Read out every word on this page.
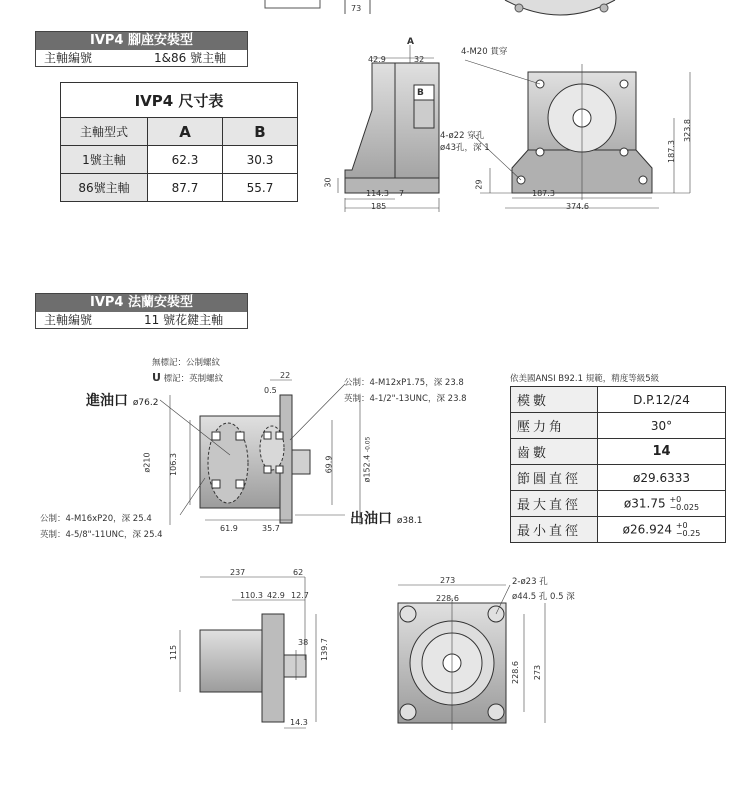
IVP4 腳座安裝型
主軸編號	1&86 號主軸
IVP4 尺寸表		
主軸型式	A	B
1號主軸	62.3	30.3
86號主軸	87.7	55.7
73
A
B
42.9	32
30
114.3 7
185
4-M20 貫穿
4-ø22 穿孔
ø43孔，深 1
29
187.3
323.8
187.3
374.6
IVP4 法蘭安裝型
主軸編號	11 號花鍵主軸
無標記：公制螺紋
U 標記：英制螺紋
進油口 ø76.2
出油口 ø38.1
公制：4-M12xP1.75，深 23.8
英制：4-1/2"-13UNC，深 23.8
公制：4-M16xP20，深 25.4
英制：4-5/8"-11UNC，深 25.4
22
0.5
ø210 106.3	69.9	ø152.4 -0.05
61.9	35.7
依美國ANSI B92.1 規範，精度等級5級
模數	D.P.12/24
壓力角	30°
齒數	14
節圓直徑	ø29.6333
最大直徑	ø31.75 +0
−0.025
最小直徑	ø26.924 +0
−0.25
237	62
110.3 42.9 12.7
115
38 139.7
14.3
273
228.6
2-ø23 孔
ø44.5 孔 0.5 深
228.6 273
